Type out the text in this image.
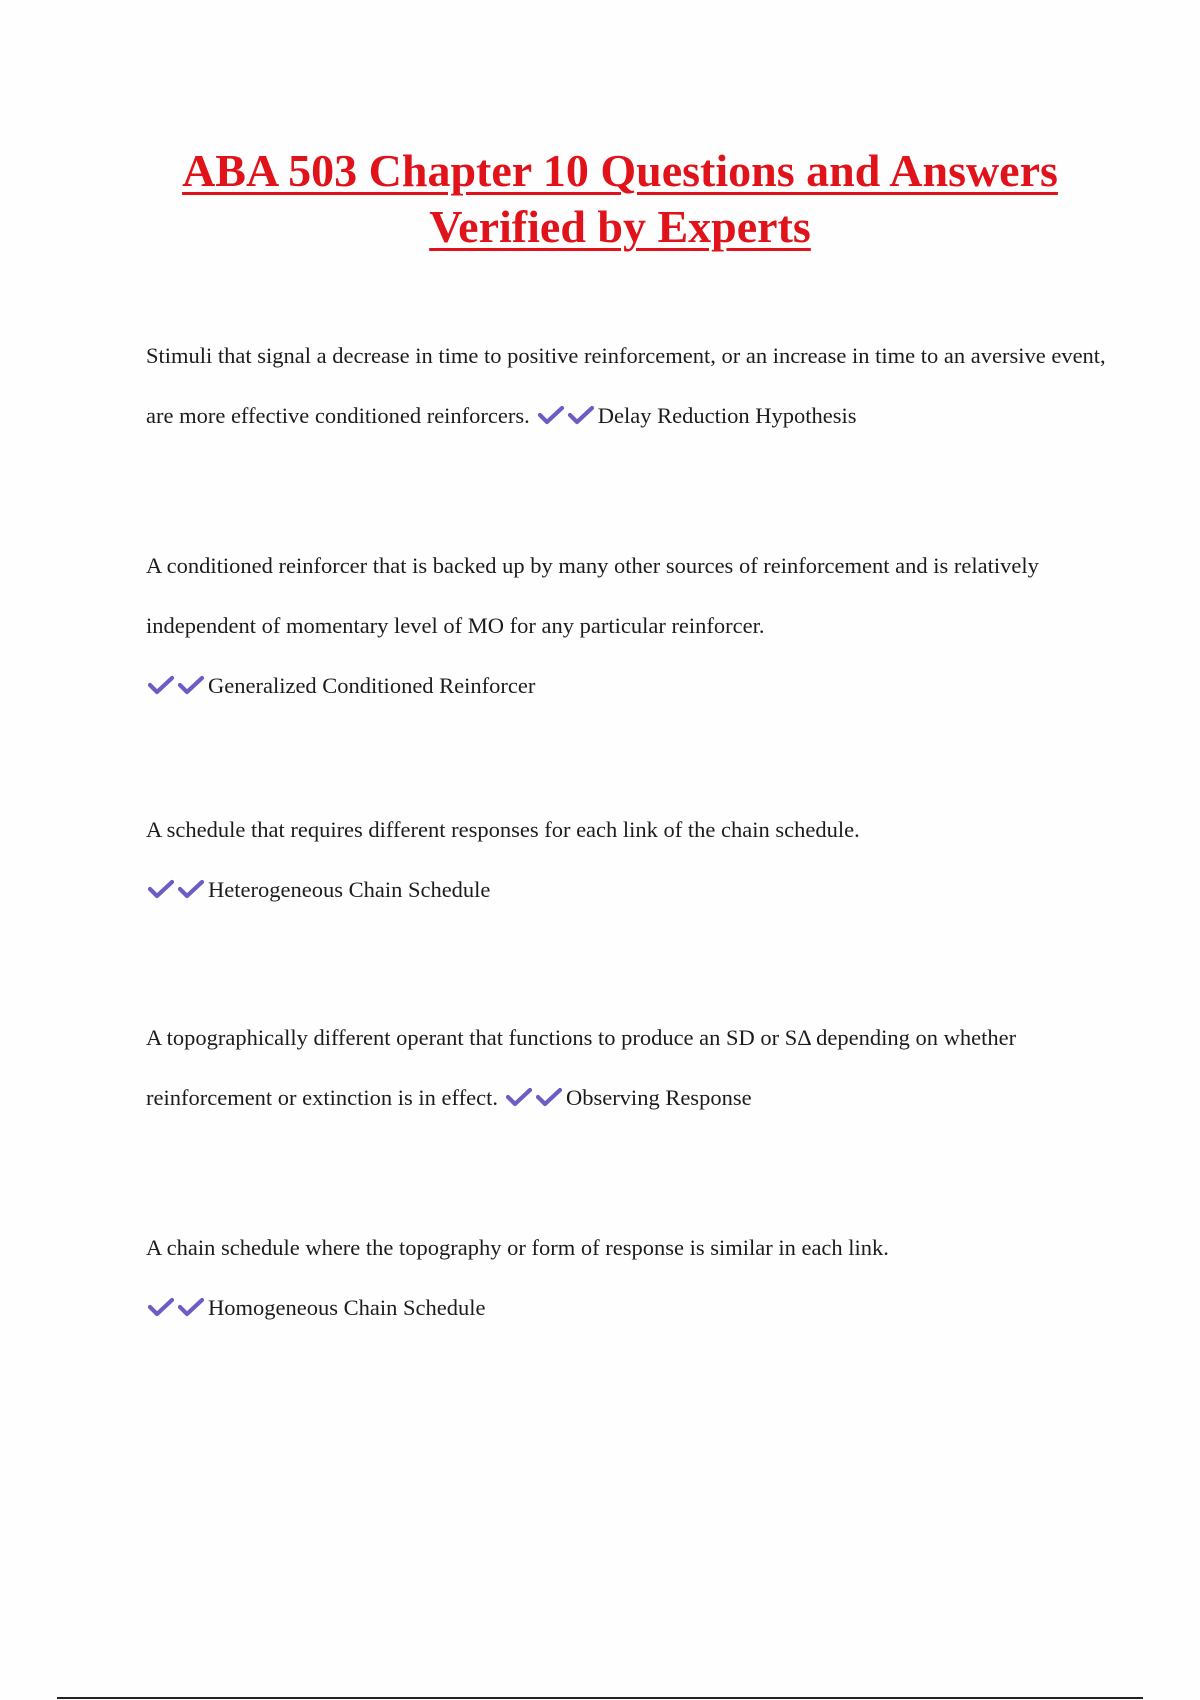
ABA 503 Chapter 10 Questions and Answers Verified by Experts
Stimuli that signal a decrease in time to positive reinforcement, or an increase in time to an aversive event, are more effective conditioned reinforcers.	Delay Reduction Hypothesis
A conditioned reinforcer that is backed up by many other sources of reinforcement and is relatively independent of momentary level of MO for any particular reinforcer.
Generalized Conditioned Reinforcer
A schedule that requires different responses for each link of the chain schedule.
Heterogeneous Chain Schedule
A topographically different operant that functions to produce an SD or SΔ depending on whether reinforcement or extinction is in effect.	Observing Response
A chain schedule where the topography or form of response is similar in each link.
Homogeneous Chain Schedule
